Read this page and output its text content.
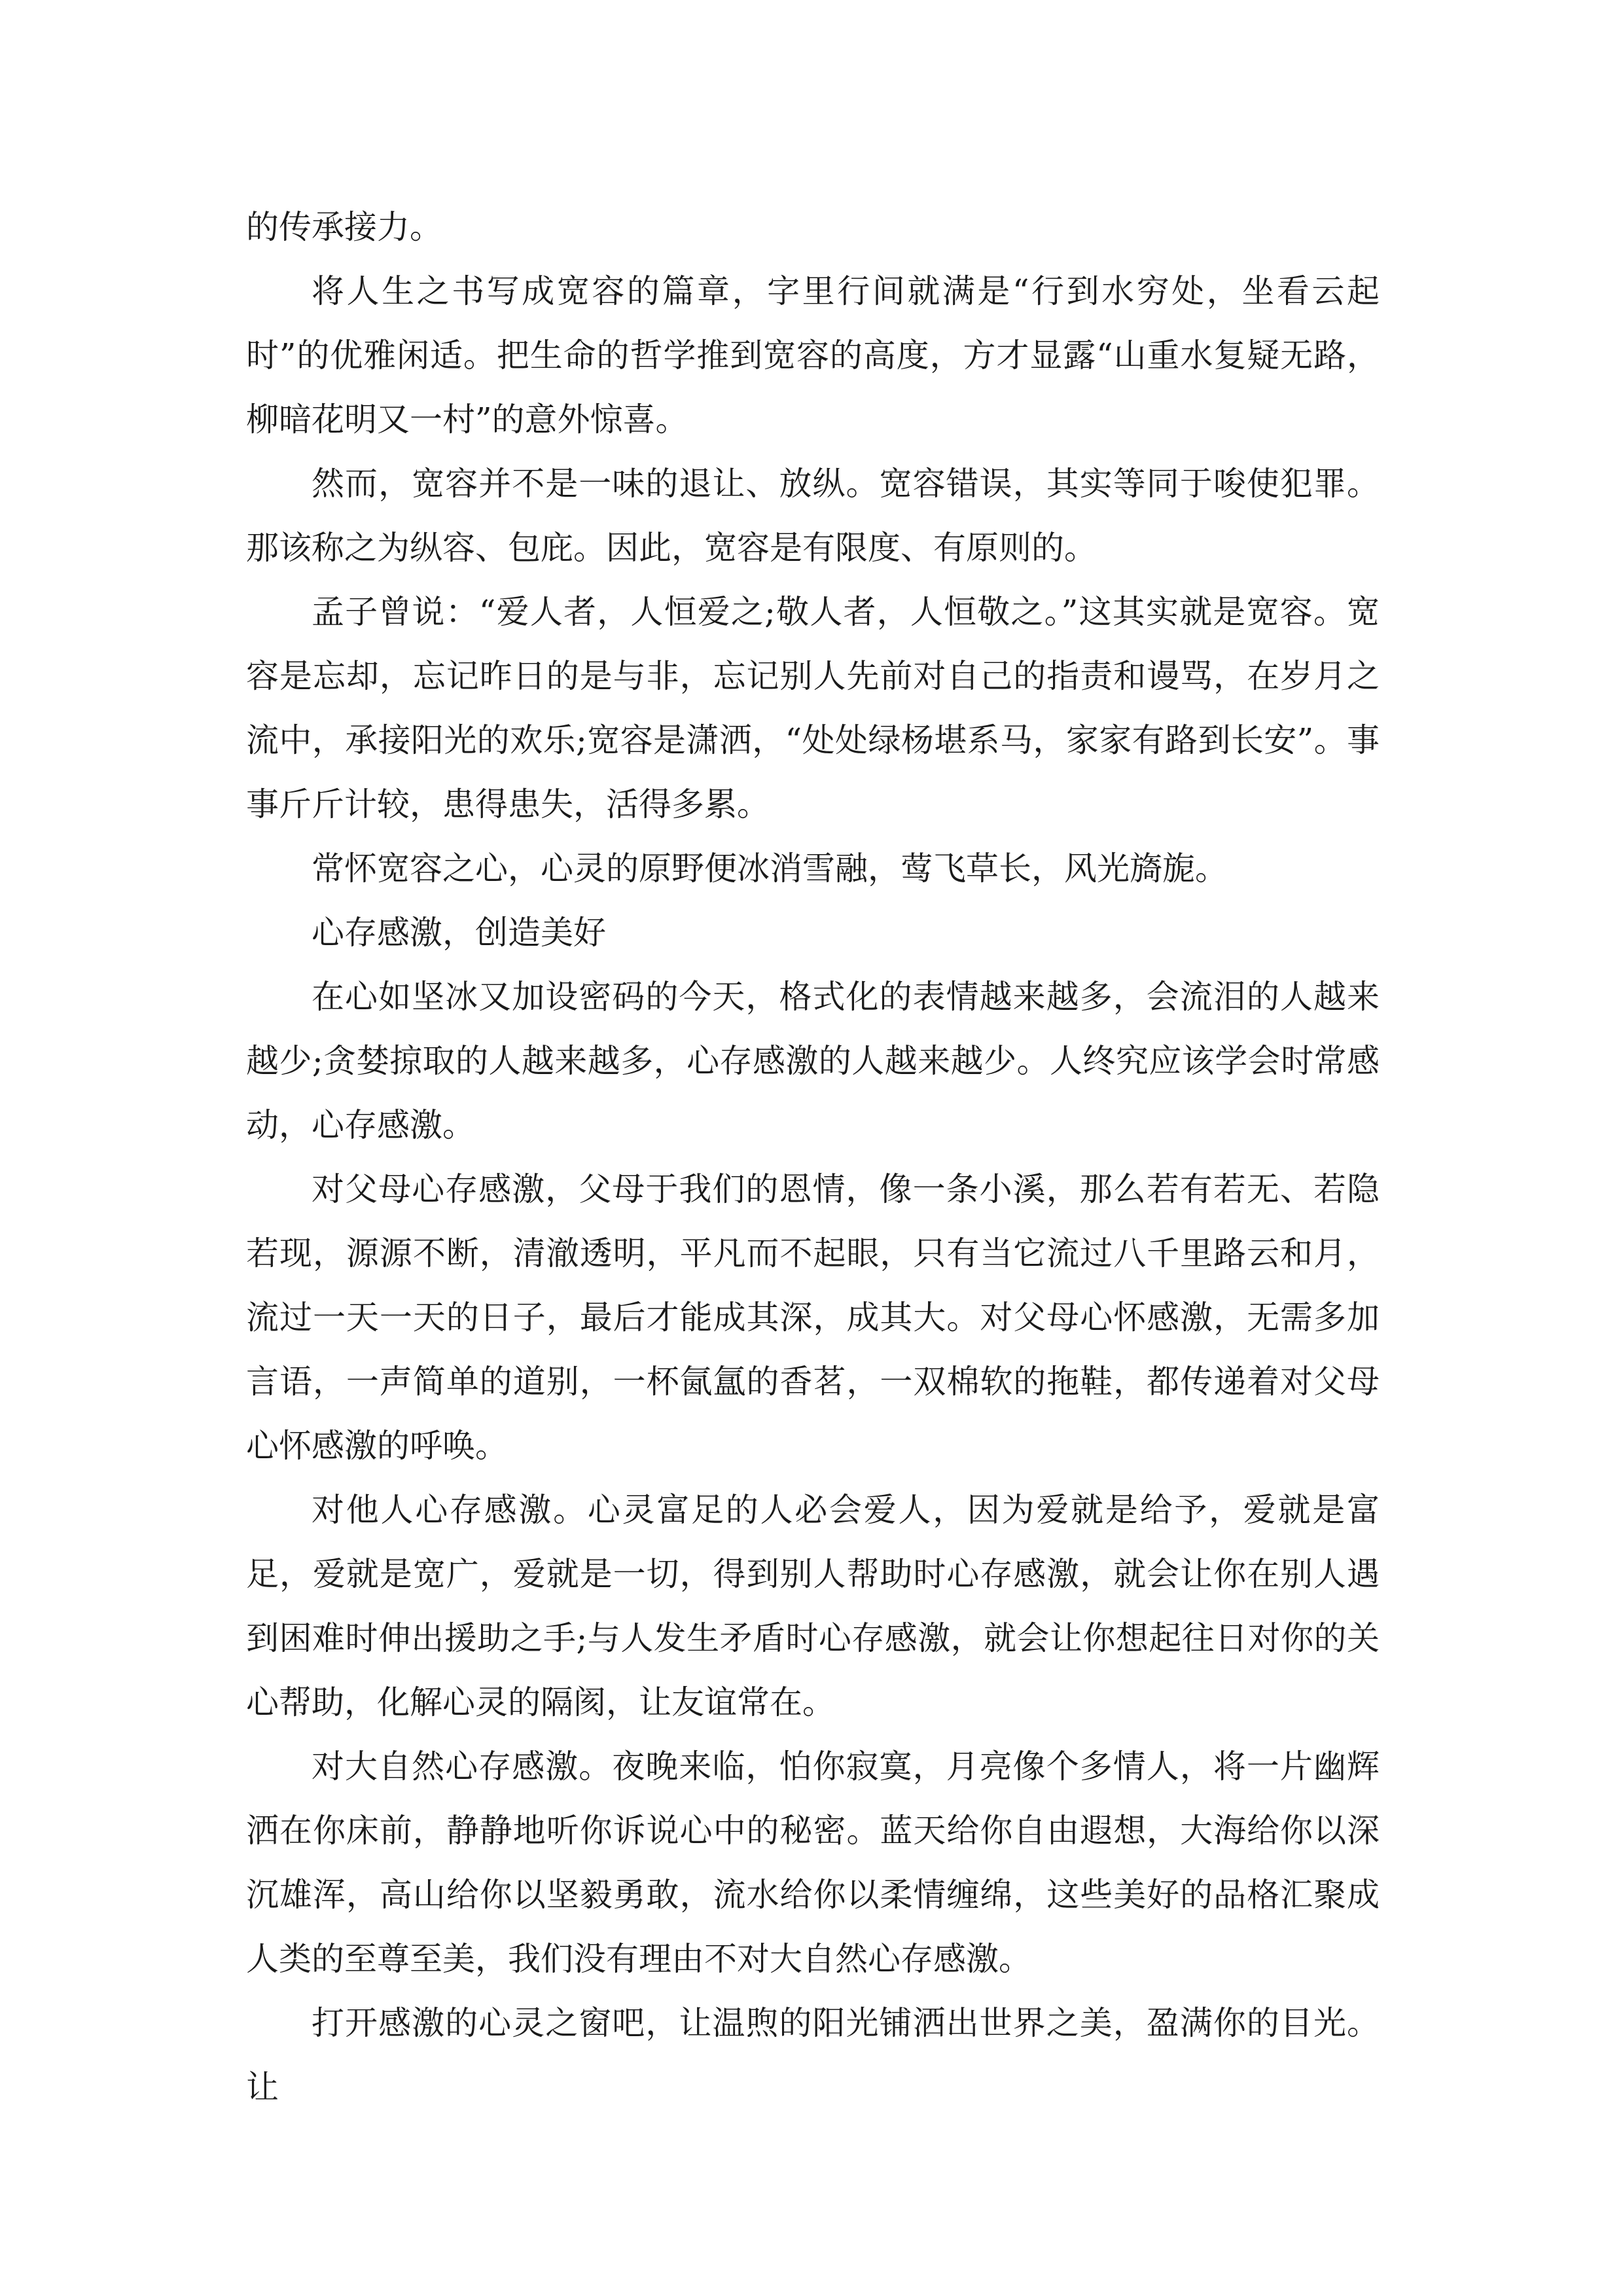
的传承接力。

将人生之书写成宽容的篇章，字里行间就满是“行到水穷处，坐看云起时”的优雅闲适。把生命的哲学推到宽容的高度，方才显露“山重水复疑无路，柳暗花明又一村”的意外惊喜。

然而，宽容并不是一味的退让、放纵。宽容错误，其实等同于唆使犯罪。那该称之为纵容、包庇。因此，宽容是有限度、有原则的。

孟子曾说：“爱人者，人恒爱之;敬人者，人恒敬之。”这其实就是宽容。宽容是忘却，忘记昨日的是与非，忘记别人先前对自己的指责和谩骂，在岁月之流中，承接阳光的欢乐;宽容是潇洒，“处处绿杨堪系马，家家有路到长安”。事事斤斤计较，患得患失，活得多累。

常怀宽容之心，心灵的原野便冰消雪融，莺飞草长，风光旖旎。

心存感激，创造美好

在心如坚冰又加设密码的今天，格式化的表情越来越多，会流泪的人越来越少;贪婪掠取的人越来越多，心存感激的人越来越少。人终究应该学会时常感动，心存感激。

对父母心存感激，父母于我们的恩情，像一条小溪，那么若有若无、若隐若现，源源不断，清澈透明，平凡而不起眼，只有当它流过八千里路云和月，流过一天一天的日子，最后才能成其深，成其大。对父母心怀感激，无需多加言语，一声简单的道别，一杯氤氲的香茗，一双棉软的拖鞋，都传递着对父母心怀感激的呼唤。

对他人心存感激。心灵富足的人必会爱人，因为爱就是给予，爱就是富足，爱就是宽广，爱就是一切，得到别人帮助时心存感激，就会让你在别人遇到困难时伸出援助之手;与人发生矛盾时心存感激，就会让你想起往日对你的关心帮助，化解心灵的隔阂，让友谊常在。

对大自然心存感激。夜晚来临，怕你寂寞，月亮像个多情人，将一片幽辉洒在你床前，静静地听你诉说心中的秘密。蓝天给你自由遐想，大海给你以深沉雄浑，高山给你以坚毅勇敢，流水给你以柔情缠绵，这些美好的品格汇聚成人类的至尊至美，我们没有理由不对大自然心存感激。

打开感激的心灵之窗吧，让温煦的阳光铺洒出世界之美，盈满你的目光。让
